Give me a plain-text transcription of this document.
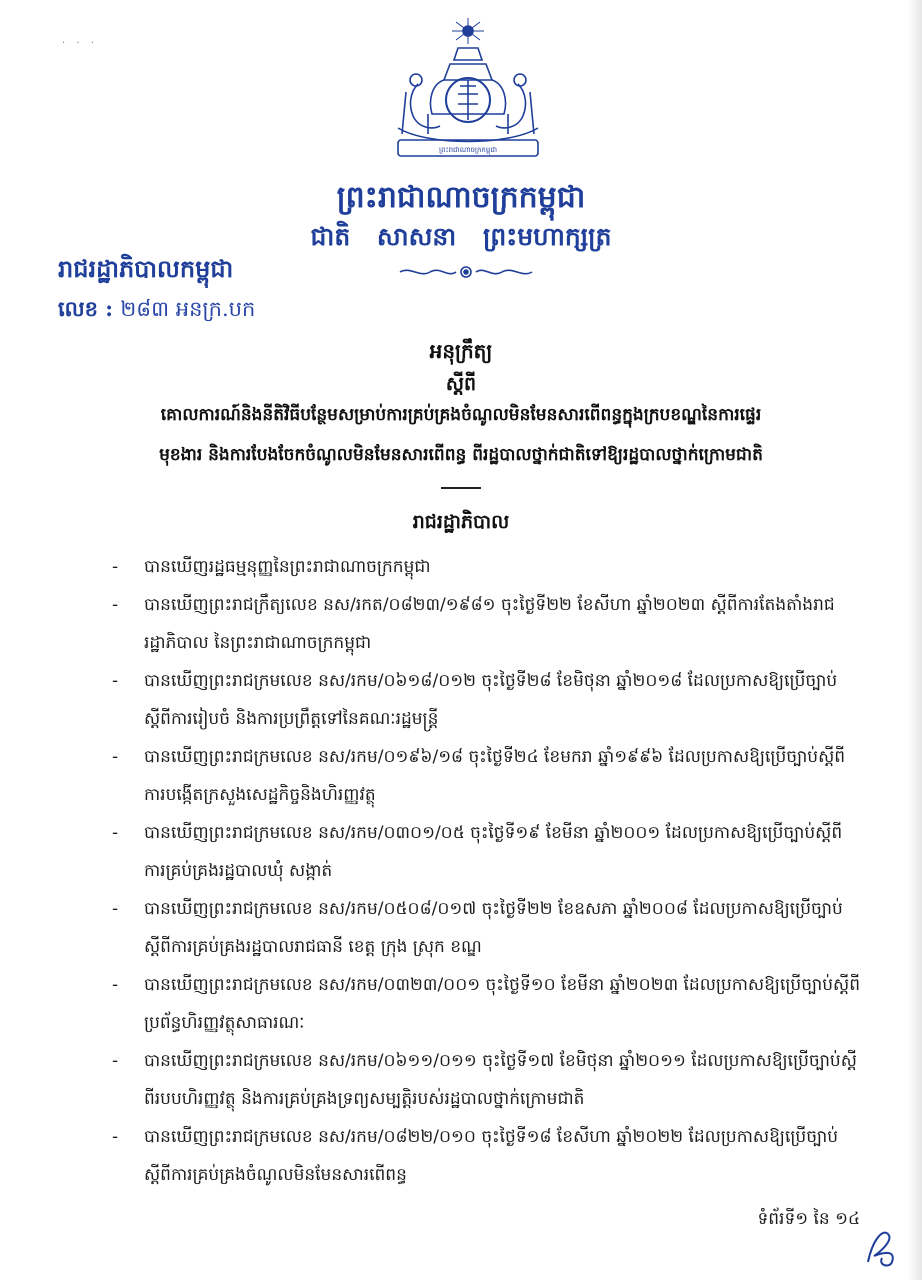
· · ·
ព្រះរាជាណាចក្រកម្ពុជា
ព្រះរាជាណាចក្រកម្ពុជា
ជាតិ សាសនា ព្រះមហាក្សត្រ
រាជរដ្ឋាភិបាលកម្ពុជា
លេខ : ២៨៣ អនក្រ.បក
អនុក្រឹត្យ
ស្តីពី
គោលការណ៍និងនីតិវិធីបន្ថែមសម្រាប់ការគ្រប់គ្រងចំណូលមិនមែនសារពើពន្ធក្នុងក្របខណ្ឌនៃការផ្ទេរ
មុខងារ និងការបែងចែកចំណូលមិនមែនសារពើពន្ធ ពីរដ្ឋបាលថ្នាក់ជាតិទៅឱ្យរដ្ឋបាលថ្នាក់ក្រោមជាតិ
រាជរដ្ឋាភិបាល
- បានឃើញរដ្ឋធម្មនុញ្ញនៃព្រះរាជាណាចក្រកម្ពុជា
- បានឃើញព្រះរាជក្រឹត្យលេខ នស/រកត/០៨២៣/១៩៨១ ចុះថ្ងៃទី២២ ខែសីហា ឆ្នាំ២០២៣ ស្តីពីការតែងតាំងរាជរដ្ឋាភិបាល នៃព្រះរាជាណាចក្រកម្ពុជា
- បានឃើញព្រះរាជក្រមលេខ នស/រកម/០៦១៨/០១២ ចុះថ្ងៃទី២៨ ខែមិថុនា ឆ្នាំ២០១៨ ដែលប្រកាសឱ្យប្រើច្បាប់ស្តីពីការរៀបចំ និងការប្រព្រឹត្តទៅនៃគណៈរដ្ឋមន្ត្រី
- បានឃើញព្រះរាជក្រមលេខ នស/រកម/០១៩៦/១៨ ចុះថ្ងៃទី២៤ ខែមករា ឆ្នាំ១៩៩៦ ដែលប្រកាសឱ្យប្រើច្បាប់ស្តីពីការបង្កើតក្រសួងសេដ្ឋកិច្ចនិងហិរញ្ញវត្ថុ
- បានឃើញព្រះរាជក្រមលេខ នស/រកម/០៣០១/០៥ ចុះថ្ងៃទី១៩ ខែមីនា ឆ្នាំ២០០១ ដែលប្រកាសឱ្យប្រើច្បាប់ស្តីពីការគ្រប់គ្រងរដ្ឋបាលឃុំ សង្កាត់
- បានឃើញព្រះរាជក្រមលេខ នស/រកម/០៥០៨/០១៧ ចុះថ្ងៃទី២២ ខែឧសភា ឆ្នាំ២០០៨ ដែលប្រកាសឱ្យប្រើច្បាប់ស្តីពីការគ្រប់គ្រងរដ្ឋបាលរាជធានី ខេត្ត ក្រុង ស្រុក ខណ្ឌ
- បានឃើញព្រះរាជក្រមលេខ នស/រកម/០៣២៣/០០១ ចុះថ្ងៃទី១០ ខែមីនា ឆ្នាំ២០២៣ ដែលប្រកាសឱ្យប្រើច្បាប់ស្តីពីប្រព័ន្ធហិរញ្ញវត្ថុសាធារណៈ
- បានឃើញព្រះរាជក្រមលេខ នស/រកម/០៦១១/០១១ ចុះថ្ងៃទី១៧ ខែមិថុនា ឆ្នាំ២០១១ ដែលប្រកាសឱ្យប្រើច្បាប់ស្តីពីរបបហិរញ្ញវត្ថុ និងការគ្រប់គ្រងទ្រព្យសម្បត្តិរបស់រដ្ឋបាលថ្នាក់ក្រោមជាតិ
- បានឃើញព្រះរាជក្រមលេខ នស/រកម/០៨២២/០១០ ចុះថ្ងៃទី១៨ ខែសីហា ឆ្នាំ២០២២ ដែលប្រកាសឱ្យប្រើច្បាប់ស្តីពីការគ្រប់គ្រងចំណូលមិនមែនសារពើពន្ធ
ទំព័រទី១ នៃ ១៤
